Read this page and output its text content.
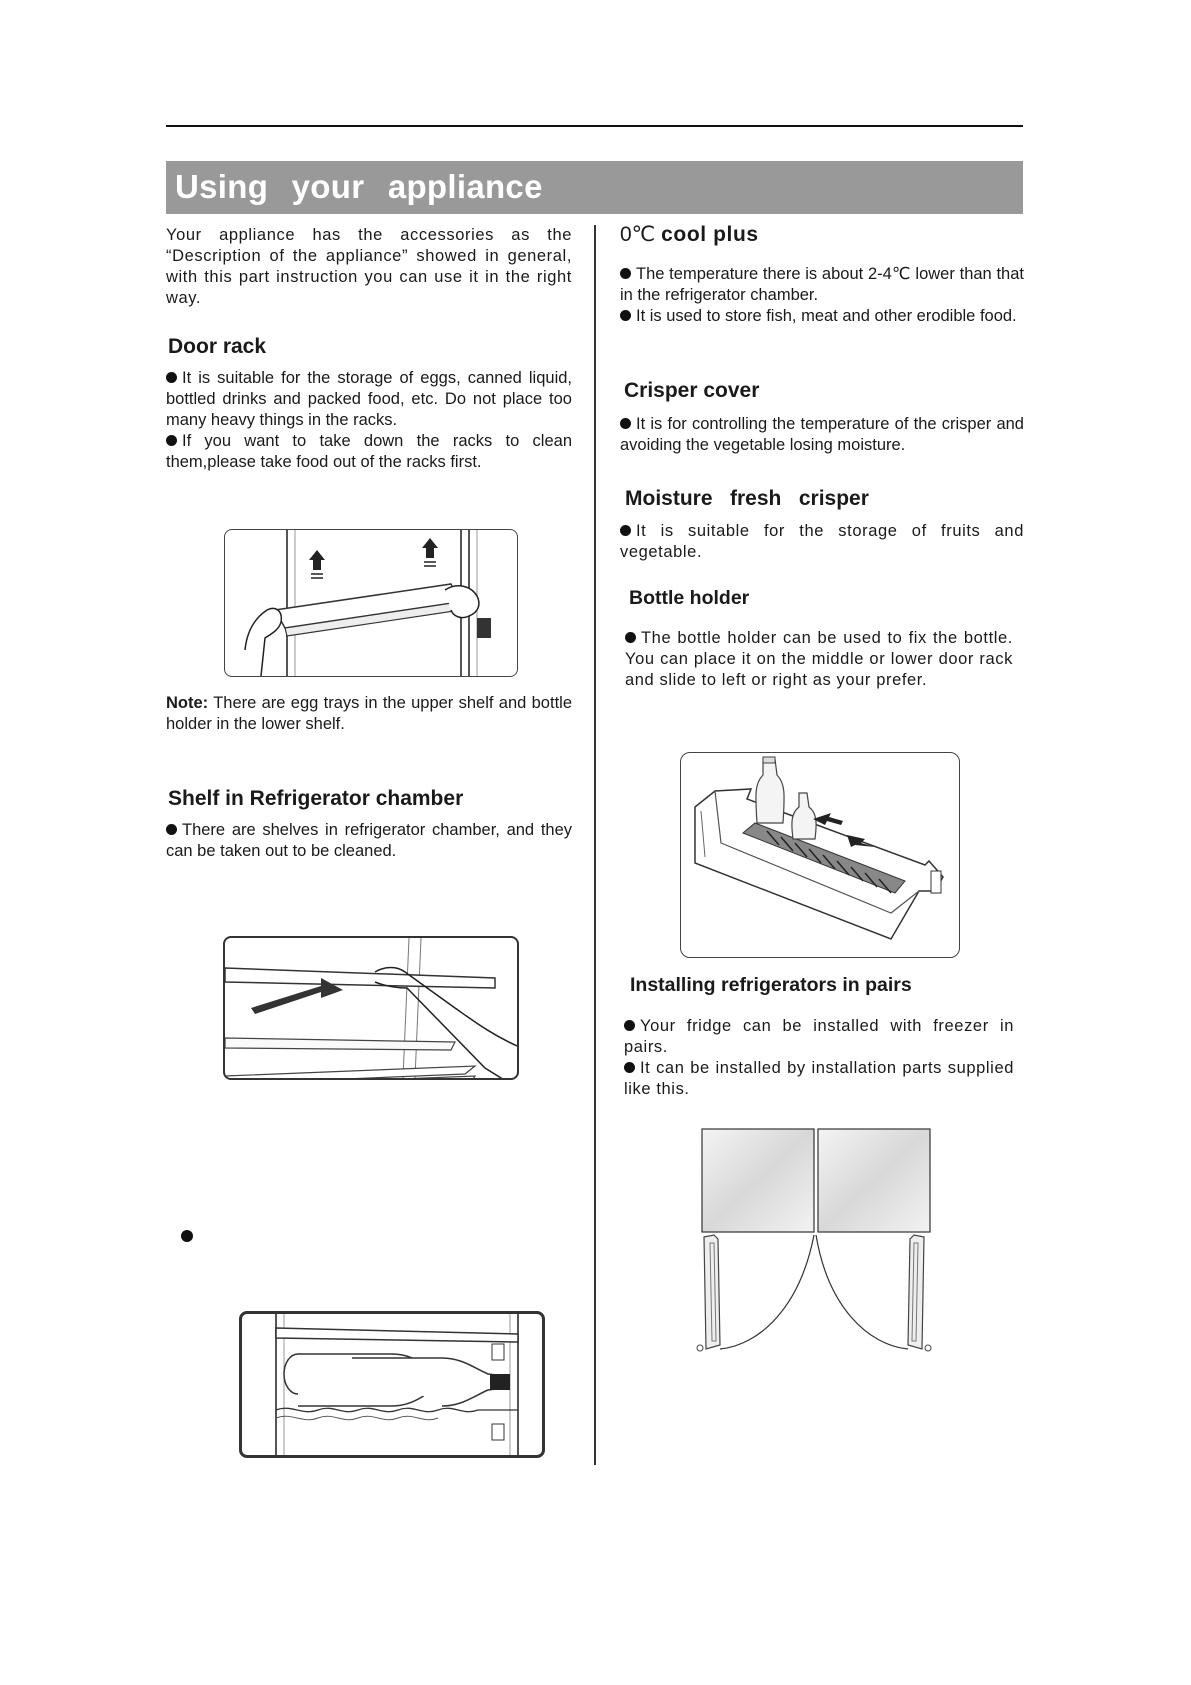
Using your appliance

Your appliance has the accessories as the “Description of the appliance” showed in general, with this part instruction you can use it in the right way.

Door rack

It is suitable for the storage of eggs, canned liquid, bottled drinks and packed food, etc. Do not place too many heavy things in the racks.

If you want to take down the racks to clean them,please take food out of the racks first.

Note: There are egg trays in the upper shelf and bottle holder in the lower shelf.

Shelf in Refrigerator chamber

There are shelves in refrigerator chamber, and they can be taken out to be cleaned.

0℃ cool plus

The temperature there is about 2-4℃ lower than that in the refrigerator chamber.

It is used to store fish, meat and other erodible food.

Crisper cover

It is for controlling the temperature of the crisper and avoiding the vegetable losing moisture.

Moisture   fresh   crisper

It is suitable for the storage of fruits and vegetable.

Bottle holder

The bottle holder can be used to fix the bottle. You can place it on the middle or lower door rack and slide to left or right as your prefer.

Installing refrigerators in pairs

Your fridge can be installed with freezer in pairs.

It can be installed by installation parts supplied like this.
